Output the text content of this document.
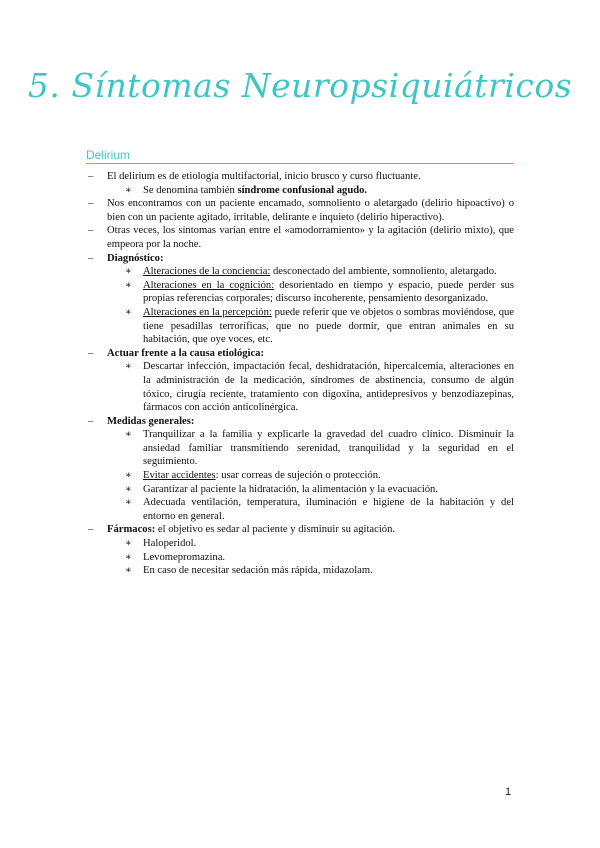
5. Síntomas Neuropsiquiátricos
Delirium
– El delirium es de etiología multifactorial, inicio brusco y curso fluctuante.
∗ Se denomina también síndrome confusional agudo.
– Nos encontramos con un paciente encamado, somnoliento o aletargado (delirio hipoactivo) o bien con un paciente agitado, irritable, delirante e inquieto (delirio hiperactivo).
– Otras veces, los síntomas varían entre el «amodorramiento» y la agitación (delirio mixto), que empeora por la noche.
– Diagnóstico:
∗ Alteraciones de la conciencia: desconectado del ambiente, somnoliento, aletargado.
∗ Alteraciones en la cognición: desorientado en tiempo y espacio, puede perder sus propias referencias corporales; discurso incoherente, pensamiento desorganizado.
∗ Alteraciones en la percepción: puede referir que ve objetos o sombras moviéndose, que tiene pesadillas terroríficas, que no puede dormir, que entran animales en su habitación, que oye voces, etc.
– Actuar frente a la causa etiológica:
∗ Descartar infección, impactación fecal, deshidratación, hipercalcemia, alteraciones en la administración de la medicación, síndromes de abstinencia, consumo de algún tóxico, cirugía reciente, tratamiento con digoxina, antidepresivos y benzodiazepinas, fármacos con acción anticolinérgica.
– Medidas generales:
∗ Tranquilizar a la familia y explicarle la gravedad del cuadro clínico. Disminuir la ansiedad familiar transmitiendo serenidad, tranquilidad y la seguridad en el seguimiento.
∗ Evitar accidentes: usar correas de sujeción o protección.
∗ Garantizar al paciente la hidratación, la alimentación y la evacuación.
∗ Adecuada ventilación, temperatura, iluminación e higiene de la habitación y del entorno en general.
– Fármacos: el objetivo es sedar al paciente y disminuir su agitación.
∗ Haloperidol.
∗ Levomepromazina.
∗ En caso de necesitar sedación más rápida, midazolam.
1
